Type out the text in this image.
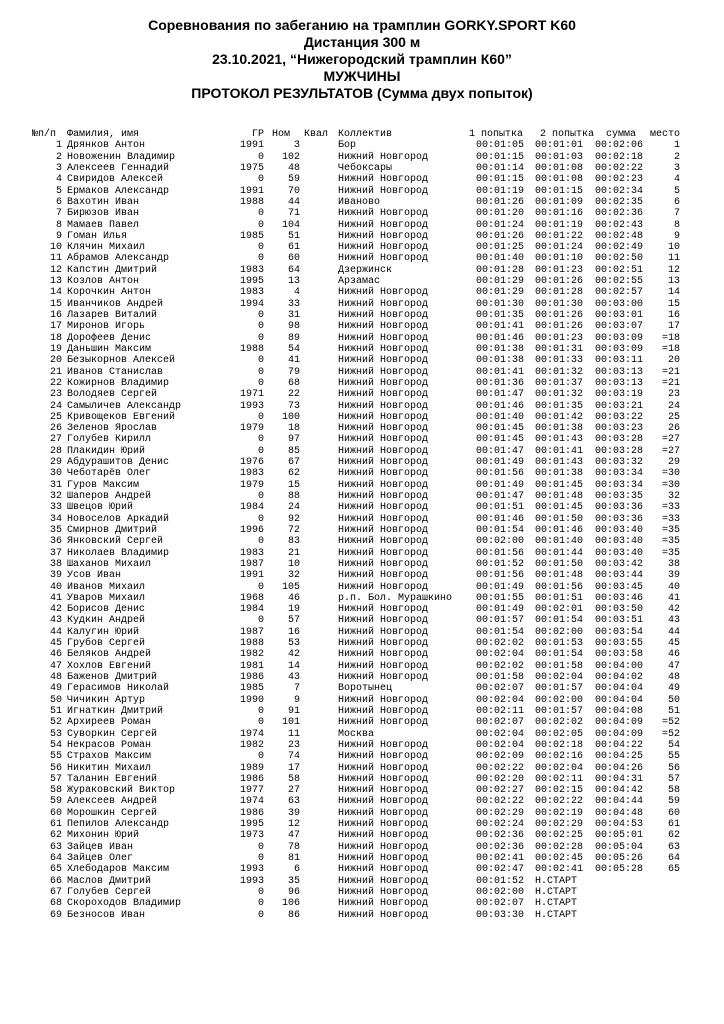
Соревнования по забеганию на трамплин GORKY.SPORT K60
Дистанция 300 м
23.10.2021, “Нижегородский трамплин К60”
МУЖЧИНЫ
ПРОТОКОЛ РЕЗУЛЬТАТОВ (Сумма двух попыток)
№п/п Фамилия, имя	ГР Ном Квал Коллектив	1 попытка 2 попытка сумма место
1 Дрянков Антон	1991	3	Бор	00:01:05 00:01:01 00:02:06	1
2 Новоженин Владимир	0	102	Нижний Новгород	00:01:15 00:01:03 00:02:18	2
3 Алексеев Геннадий	1975	48	Чебоксары	00:01:14 00:01:08 00:02:22	3
4 Свиридов Алексей	0	59	Нижний Новгород	00:01:15 00:01:08 00:02:23	4
5 Ермаков Александр	1991	70	Нижний Новгород	00:01:19 00:01:15 00:02:34	5
6 Вахотин Иван	1988	44	Иваново	00:01:26 00:01:09 00:02:35	6
7 Бирюзов Иван	0	71	Нижний Новгород	00:01:20 00:01:16 00:02:36	7
8 Мамаев Павел	0	104	Нижний Новгород	00:01:24 00:01:19 00:02:43	8
9 Гоман Илья	1985	51	Нижний Новгород	00:01:26 00:01:22 00:02:48	9
10 Клячин Михаил	0	61	Нижний Новгород	00:01:25 00:01:24 00:02:49	10
11 Абрамов Александр	0	60	Нижний Новгород	00:01:40 00:01:10 00:02:50	11
12 Капстин Дмитрий	1983	64	Дзержинск	00:01:28 00:01:23 00:02:51	12
13 Козлов Антон	1995	13	Арзамас	00:01:29 00:01:26 00:02:55	13
14 Корочкин Антон	1983	4	Нижний Новгород	00:01:29 00:01:28 00:02:57	14
15 Иванчиков Андрей	1994	33	Нижний Новгород	00:01:30 00:01:30 00:03:00	15
16 Лазарев Виталий	0	31	Нижний Новгород	00:01:35 00:01:26 00:03:01	16
17 Миронов Игорь	0	98	Нижний Новгород	00:01:41 00:01:26 00:03:07	17
18 Дорофеев Денис	0	89	Нижний Новгород	00:01:46 00:01:23 00:03:09	=18
19 Даньшин Максим	1988	54	Нижний Новгород	00:01:38 00:01:31 00:03:09	=18
20 Безыкорнов Алексей	0	41	Нижний Новгород	00:01:38 00:01:33 00:03:11	20
21 Иванов Станислав	0	79	Нижний Новгород	00:01:41 00:01:32 00:03:13	=21
22 Кожирнов Владимир	0	68	Нижний Новгород	00:01:36 00:01:37 00:03:13	=21
23 Володяев Сергей	1971	22	Нижний Новгород	00:01:47 00:01:32 00:03:19	23
24 Самыличев Александр	1993	73	Нижний Новгород	00:01:46 00:01:35 00:03:21	24
25 Кривощеков Евгений	0	100	Нижний Новгород	00:01:40 00:01:42 00:03:22	25
26 Зеленов Ярослав	1979	18	Нижний Новгород	00:01:45 00:01:38 00:03:23	26
27 Голубев Кирилл	0	97	Нижний Новгород	00:01:45 00:01:43 00:03:28	=27
28 Плакидин Юрий	0	85	Нижний Новгород	00:01:47 00:01:41 00:03:28	=27
29 Абдурашитов Денис	1976	67	Нижний Новгород	00:01:49 00:01:43 00:03:32	29
30 Чеботарёв Олег	1983	62	Нижний Новгород	00:01:56 00:01:38 00:03:34	=30
31 Гуров Максим	1979	15	Нижний Новгород	00:01:49 00:01:45 00:03:34	=30
32 Шаперов Андрей	0	88	Нижний Новгород	00:01:47 00:01:48 00:03:35	32
33 Швецов Юрий	1984	24	Нижний Новгород	00:01:51 00:01:45 00:03:36	=33
34 Новоселов Аркадий	0	92	Нижний Новгород	00:01:46 00:01:50 00:03:36	=33
35 Смирнов Дмитрий	1996	72	Нижний Новгород	00:01:54 00:01:46 00:03:40	=35
36 Янковский Сергей	0	83	Нижний Новгород	00:02:00 00:01:40 00:03:40	=35
37 Николаев Владимир	1983	21	Нижний Новгород	00:01:56 00:01:44 00:03:40	=35
38 Шаханов Михаил	1987	10	Нижний Новгород	00:01:52 00:01:50 00:03:42	38
39 Усов Иван	1991	32	Нижний Новгород	00:01:56 00:01:48 00:03:44	39
40 Иванов Михаил	0	105	Нижний Новгород	00:01:49 00:01:56 00:03:45	40
41 Уваров Михаил	1968	46	р.п. Бол. Мурашкино 00:01:55 00:01:51 00:03:46	41
42 Борисов Денис	1984	19	Нижний Новгород	00:01:49 00:02:01 00:03:50	42
43 Кудкин Андрей	0	57	Нижний Новгород	00:01:57 00:01:54 00:03:51	43
44 Калугин Юрий	1987	16	Нижний Новгород	00:01:54 00:02:00 00:03:54	44
45 Грубов Сергей	1988	53	Нижний Новгород	00:02:02 00:01:53 00:03:55	45
46 Беляков Андрей	1982	42	Нижний Новгород	00:02:04 00:01:54 00:03:58	46
47 Хохлов Евгений	1981	14	Нижний Новгород	00:02:02 00:01:58 00:04:00	47
48 Баженов Дмитрий	1986	43	Нижний Новгород	00:01:58 00:02:04 00:04:02	48
49 Герасимов Николай	1985	7	Воротынец	00:02:07 00:01:57 00:04:04	49
50 Чичикин Артур	1990	9	Нижний Новгород	00:02:04 00:02:00 00:04:04	50
51 Игнаткин Дмитрий	0	91	Нижний Новгород	00:02:11 00:01:57 00:04:08	51
52 Архиреев Роман	0	101	Нижний Новгород	00:02:07 00:02:02 00:04:09	=52
53 Суворкин Сергей	1974	11	Москва	00:02:04 00:02:05 00:04:09	=52
54 Некрасов Роман	1982	23	Нижний Новгород	00:02:04 00:02:18 00:04:22	54
55 Страхов Максим	0	74	Нижний Новгород	00:02:09 00:02:16 00:04:25	55
56 Никитин Михаил	1989	17	Нижний Новгород	00:02:22 00:02:04 00:04:26	56
57 Таланин Евгений	1986	58	Нижний Новгород	00:02:20 00:02:11 00:04:31	57
58 Жураковский Виктор	1977	27	Нижний Новгород	00:02:27 00:02:15 00:04:42	58
59 Алексеев Андрей	1974	63	Нижний Новгород	00:02:22 00:02:22 00:04:44	59
60 Морошкин Сергей	1986	39	Нижний Новгород	00:02:29 00:02:19 00:04:48	60
61 Пепилов Александр	1995	12	Нижний Новгород	00:02:24 00:02:29 00:04:53	61
62 Михонин Юрий	1973	47	Нижний Новгород	00:02:36 00:02:25 00:05:01	62
63 Зайцев Иван	0	78	Нижний Новгород	00:02:36 00:02:28 00:05:04	63
64 Зайцев Олег	0	81	Нижний Новгород	00:02:41 00:02:45 00:05:26	64
65 Хлебодаров Максим	1993	6	Нижний Новгород	00:02:47 00:02:41 00:05:28	65
66 Маслов Дмитрий	1993	35	Нижний Новгород	00:01:52 Н.СТАРТ
67 Голубев Сергей	0	96	Нижний Новгород	00:02:00 Н.СТАРТ
68 Скороходов Владимир	0	106	Нижний Новгород	00:02:07 Н.СТАРТ
69 Безносов Иван	0	86	Нижний Новгород	00:03:30 Н.СТАРТ
